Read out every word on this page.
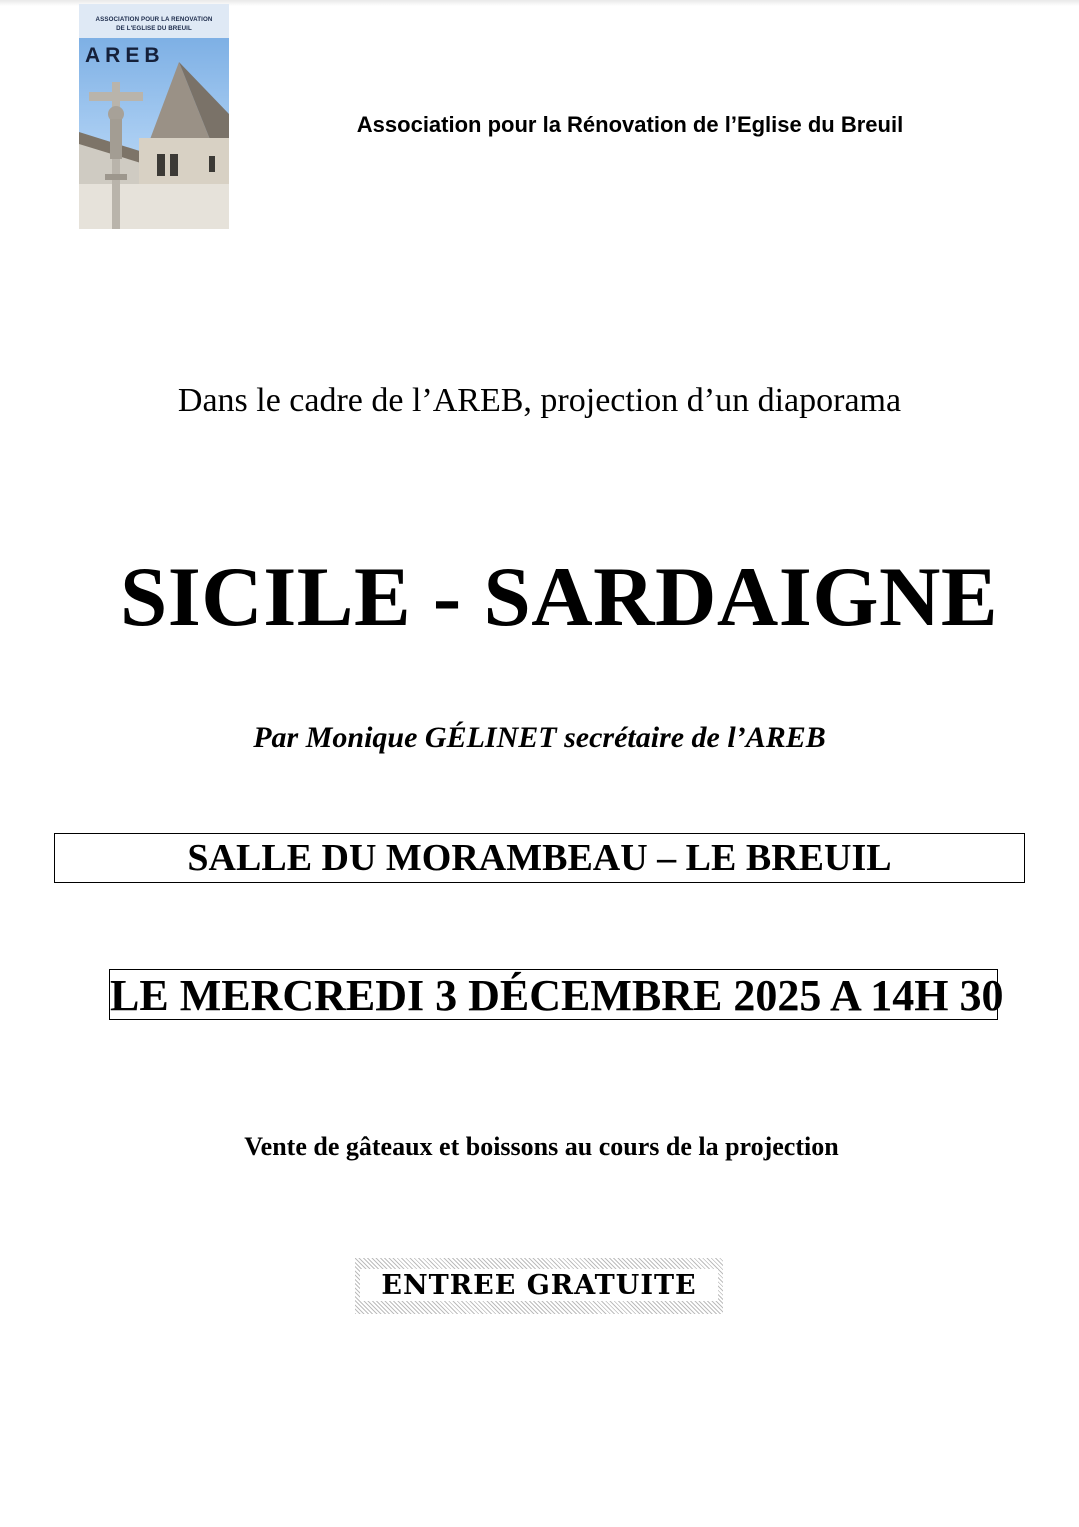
ASSOCIATION POUR LA RENOVATION
DE L'EGLISE DU BREUIL
AREB
Association pour la Rénovation de l’Eglise du Breuil
Dans le cadre de l’AREB, projection d’un diaporama
SICILE - SARDAIGNE
Par Monique GÉLINET secrétaire de l’AREB
SALLE DU MORAMBEAU – LE BREUIL
LE MERCREDI 3 DÉCEMBRE 2025 A 14H 30
Vente de gâteaux et boissons au cours de la projection
ENTREE GRATUITE
